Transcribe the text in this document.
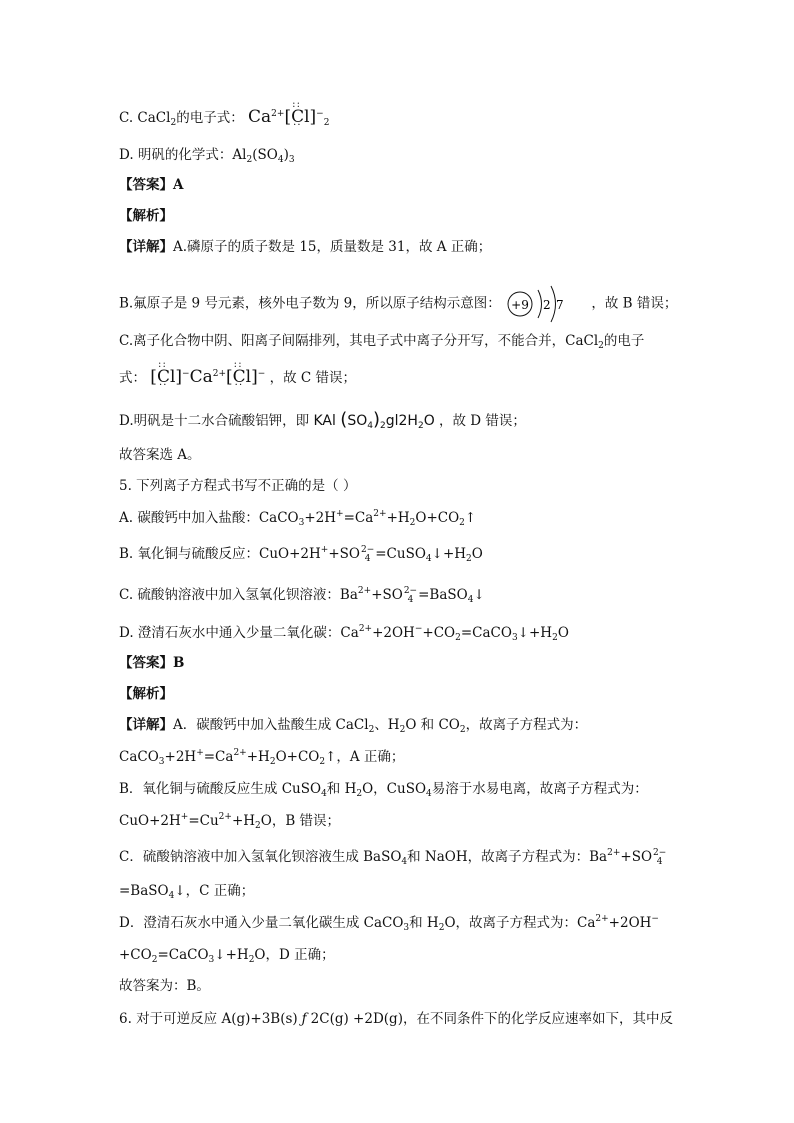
C. CaCl$_2$的电子式： $Ca^{2+}$[: : $Cl \cdot \cdot]^-_2$
D. 明矾的化学式：$Al_2(SO_4)_3$
【答案】A
【解析】
【详解】A.磷原子的质子数是 15，质量数是 31，故 A 正确；
B.氟原子是 9 号元素，核外电子数为 9，所以原子结构示意图： +9 2 7 ，故 B 错误；
C.离子化合物中阴、阳离子间隔排列，其电子式中离子分开写，不能合并，CaCl$_2$的电子
式： [: : $Cl \cdot \cdot]^-Ca^{2+}$[: : Cl · ·]− ，故 C 错误；
D.明矾是十二水合硫酸铝钾，即 KAl $(SO_4)_2gl2H_2O$ ，故 D 错误；
故答案选 A。
5. 下列离子方程式书写不正确的是（ ）
A. 碳酸钙中加入盐酸：$CaCO_3+2H^+=Ca^{2+}+H_2O+CO_2↑$
B. 氧化铜与硫酸反应：CuO+2H++SO 2−
$4 =CuSO_4↓+H_2O$
C. 硫酸钠溶液中加入氢氧化钡溶液：$Ba^{2+}+SO$ 2−
4 =BaSO$_4$↓
D. 澄清石灰水中通入少量二氧化碳：$Ca^{2+}+2OH^-+CO_2=CaCO_3↓+H_2O$
【答案】B
【解析】
【详解】A．碳酸钙中加入盐酸生成 CaCl$_2$、$H_2O$ 和 $CO_2$，故离子方程式为：
$CaCO_3+2H^+=Ca^{2+}+H_2O+CO_2↑$，A 正确；
B．氧化铜与硫酸反应生成 CuSO$_4$和 $H_2O$，CuSO$_4$易溶于水易电离，故离子方程式为：
$CuO+2H^+=Cu^{2+}+H_2O$，B 错误；
C．硫酸钠溶液中加入氢氧化钡溶液生成 BaSO$_4$和 NaOH，故离子方程式为：$Ba^{2+}+SO$ 2−
4
=BaSO$_4$↓，C 正确；
D．澄清石灰水中通入少量二氧化碳生成 CaCO$_3$和 $H_2O$，故离子方程式为：$Ca^{2+}+2OH^-$
$+CO_2=CaCO_3↓+H_2O$，D 正确；
故答案为：B。
6. 对于可逆反应 A(g)+3B(s) ƒ 2C(g) +2D(g)，在不同条件下的化学反应速率如下，其中反
